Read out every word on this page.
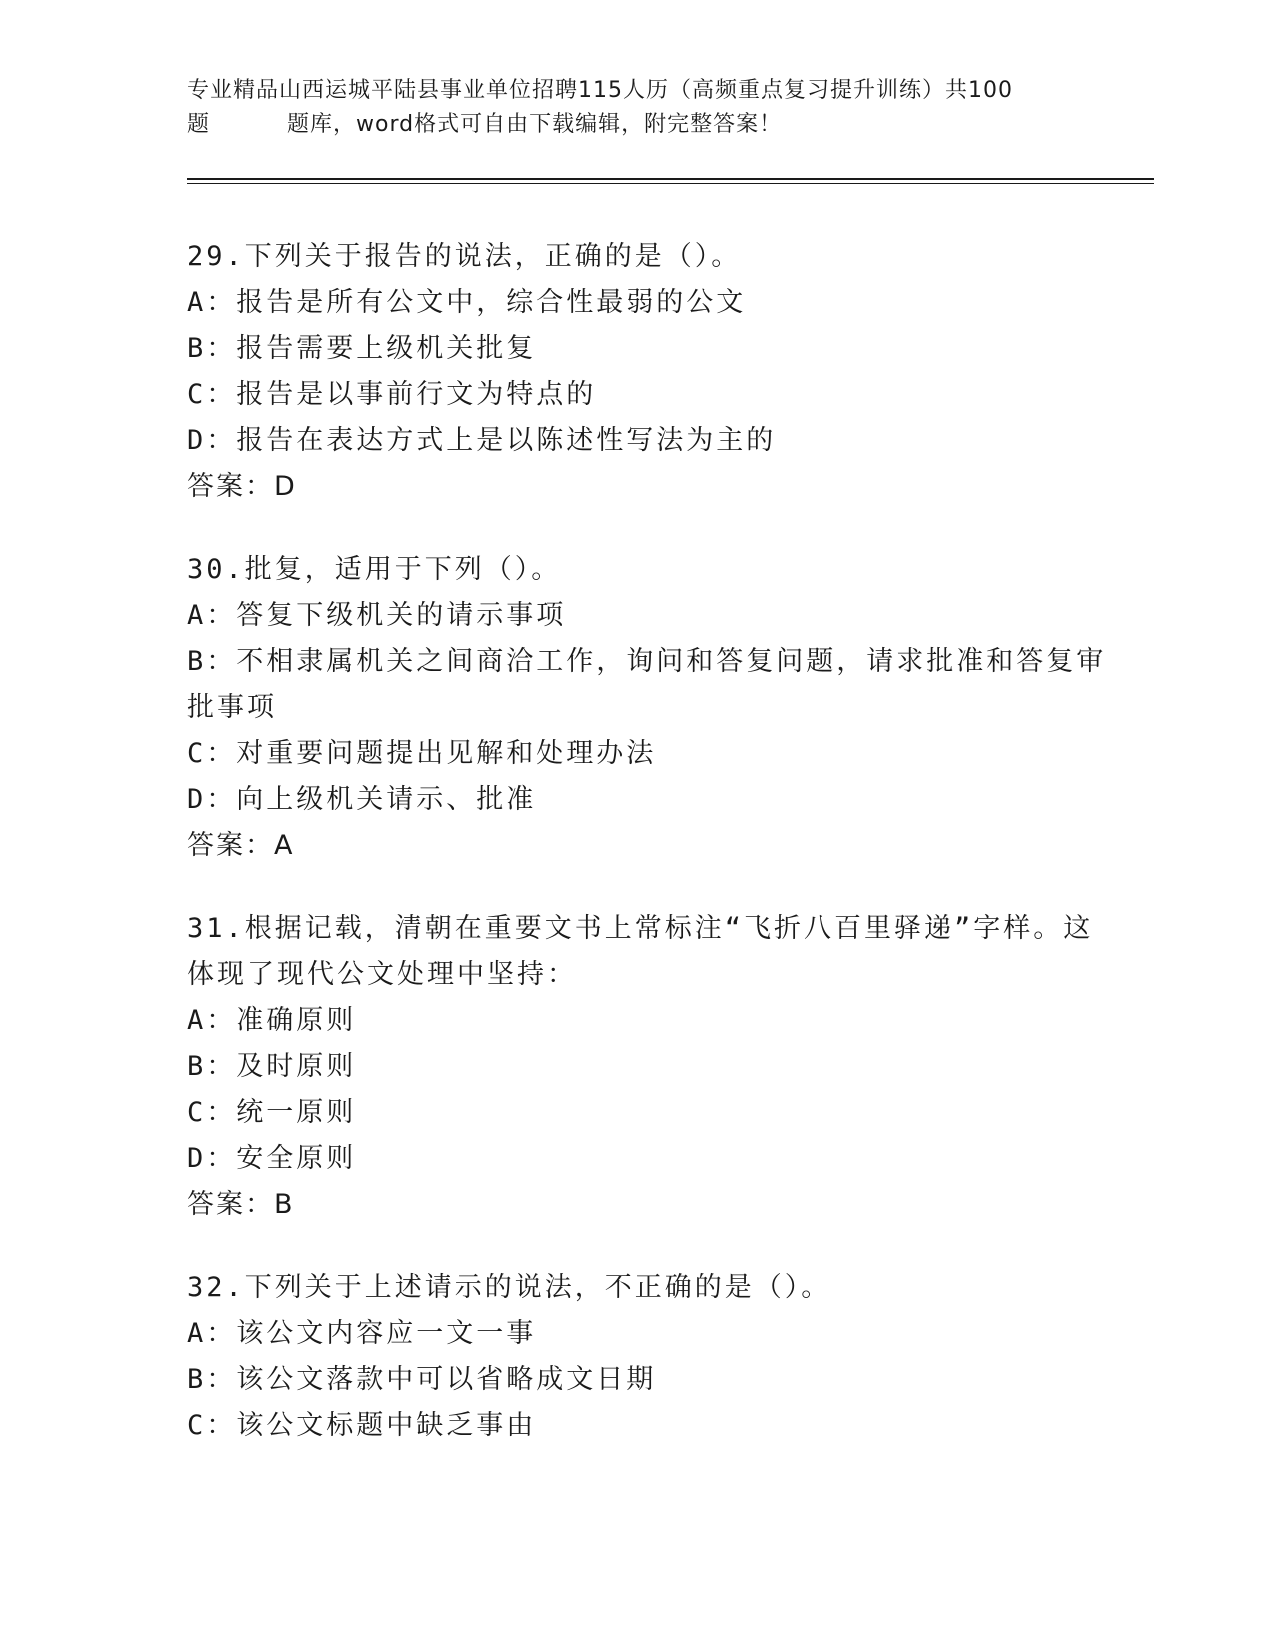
专业精品山西运城平陆县事业单位招聘115人历（高频重点复习提升训练）共100
题	题库，word格式可自由下载编辑，附完整答案！
29.下列关于报告的说法，正确的是（）。
A：报告是所有公文中，综合性最弱的公文
B：报告需要上级机关批复
C：报告是以事前行文为特点的
D：报告在表达方式上是以陈述性写法为主的
答案：D
30.批复，适用于下列（）。
A：答复下级机关的请示事项
B：不相隶属机关之间商洽工作，询问和答复问题，请求批准和答复审
批事项
C：对重要问题提出见解和处理办法
D：向上级机关请示、批准
答案：A
31.根据记载，清朝在重要文书上常标注“飞折八百里驿递”字样。这
体现了现代公文处理中坚持：
A：准确原则
B：及时原则
C：统一原则
D：安全原则
答案：B
32.下列关于上述请示的说法，不正确的是（）。
A：该公文内容应一文一事
B：该公文落款中可以省略成文日期
C：该公文标题中缺乏事由
